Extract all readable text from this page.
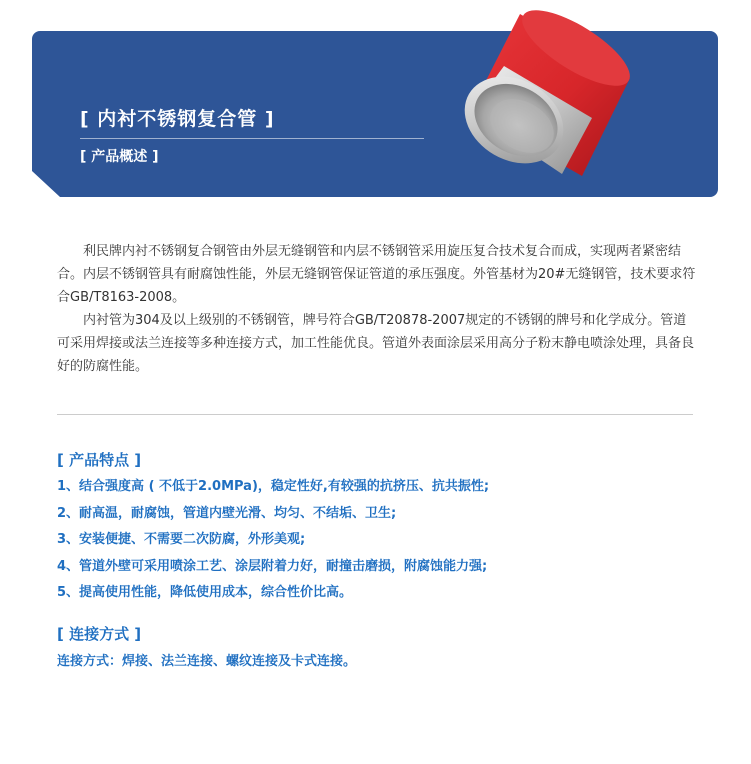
[ 内衬不锈钢复合管 ]
[ 产品概述 ]

利民牌内衬不锈钢复合钢管由外层无缝钢管和内层不锈钢管采用旋压复合技术复合而成，实现两者紧密结合。内层不锈钢管具有耐腐蚀性能，外层无缝钢管保证管道的承压强度。外管基材为20#无缝钢管，技术要求符合GB/T8163-2008。

内衬管为304及以上级别的不锈钢管，牌号符合GB/T20878-2007规定的不锈钢的牌号和化学成分。管道可采用焊接或法兰连接等多种连接方式，加工性能优良。管道外表面涂层采用高分子粉末静电喷涂处理，具备良好的防腐性能。

[ 产品特点 ]
1、结合强度高 ( 不低于2.0MPa)，稳定性好,有较强的抗挤压、抗共振性;
2、耐高温，耐腐蚀，管道内壁光滑、均匀、不结垢、卫生;
3、安装便捷、不需要二次防腐，外形美观;
4、管道外壁可采用喷涂工艺、涂层附着力好，耐撞击磨损，附腐蚀能力强;
5、提高使用性能，降低使用成本，综合性价比高。
[ 连接方式 ]
连接方式：焊接、法兰连接、螺纹连接及卡式连接。
